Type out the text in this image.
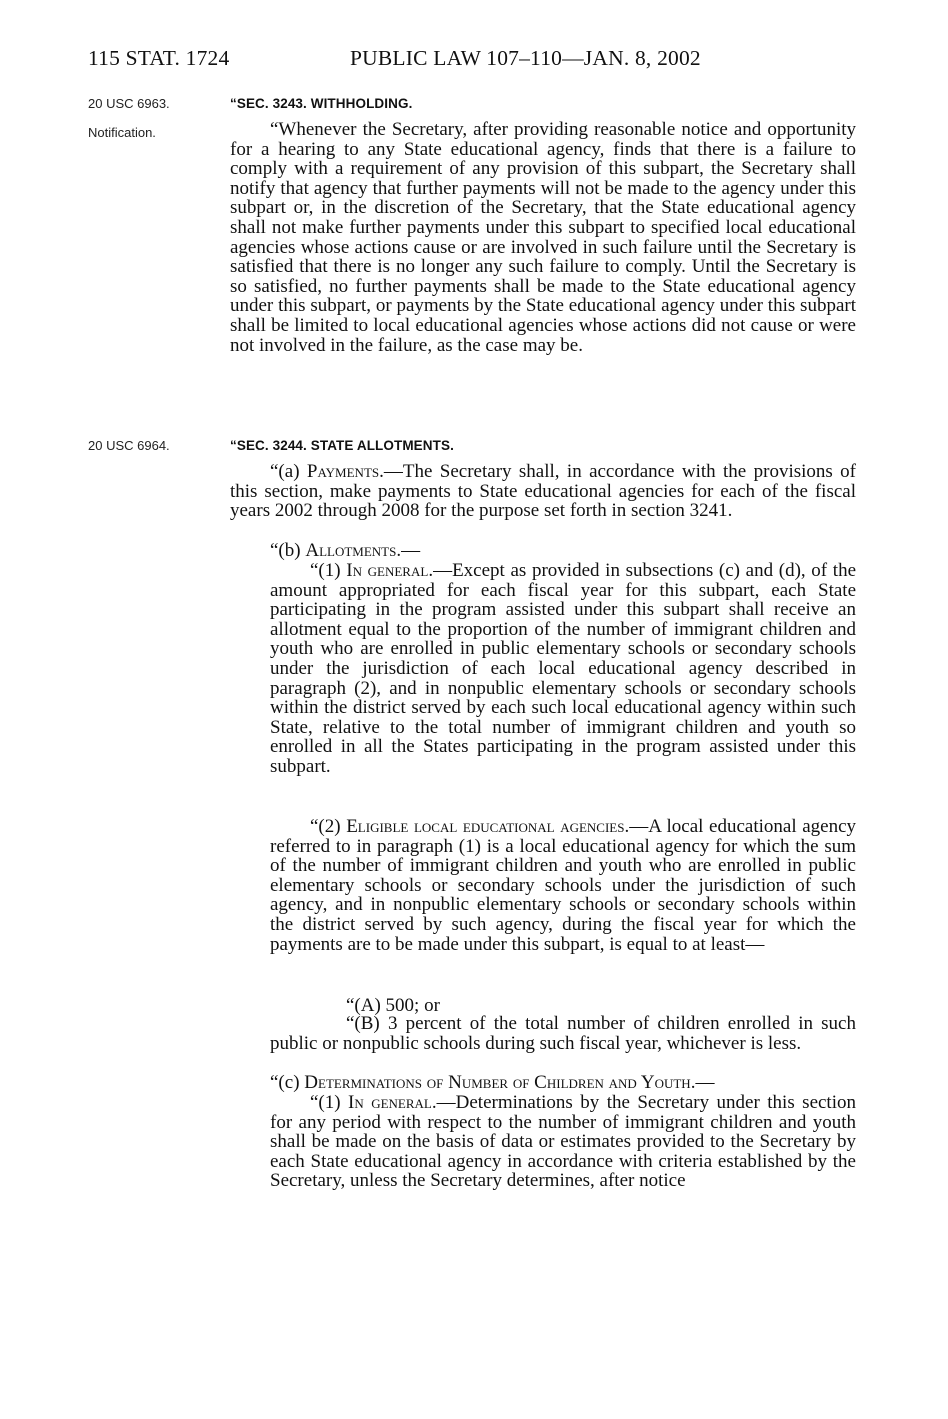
115 STAT. 1724	PUBLIC LAW 107–110—JAN. 8, 2002
20 USC 6963.	“SEC. 3243. WITHHOLDING.
Notification.	“Whenever the Secretary, after providing reasonable notice and opportunity for a hearing to any State educational agency, finds that there is a failure to comply with a requirement of any provision of this subpart, the Secretary shall notify that agency that further payments will not be made to the agency under this subpart or, in the discretion of the Secretary, that the State educational agency shall not make further payments under this subpart to specified local educational agencies whose actions cause or are involved in such failure until the Secretary is satisfied that there is no longer any such failure to comply. Until the Secretary is so satisfied, no further payments shall be made to the State educational agency under this subpart, or payments by the State educational agency under this subpart shall be limited to local educational agencies whose actions did not cause or were not involved in the failure, as the case may be.

20 USC 6964.	“SEC. 3244. STATE ALLOTMENTS.

“(a) Payments.—The Secretary shall, in accordance with the provisions of this section, make payments to State educational agencies for each of the fiscal years 2002 through 2008 for the purpose set forth in section 3241.

“(b) Allotments.—

“(1) In general.—Except as provided in subsections (c) and (d), of the amount appropriated for each fiscal year for this subpart, each State participating in the program assisted under this subpart shall receive an allotment equal to the proportion of the number of immigrant children and youth who are enrolled in public elementary schools or secondary schools under the jurisdiction of each local educational agency described in paragraph (2), and in nonpublic elementary schools or secondary schools within the district served by each such local educational agency within such State, relative to the total number of immigrant children and youth so enrolled in all the States participating in the program assisted under this subpart.

“(2) Eligible local educational agencies.—A local educational agency referred to in paragraph (1) is a local educational agency for which the sum of the number of immigrant children and youth who are enrolled in public elementary schools or secondary schools under the jurisdiction of such agency, and in nonpublic elementary schools or secondary schools within the district served by such agency, during the fiscal year for which the payments are to be made under this subpart, is equal to at least—

“(A) 500; or

“(B) 3 percent of the total number of children enrolled in such public or nonpublic schools during such fiscal year, whichever is less.

“(c) Determinations of Number of Children and Youth.—

“(1) In general.—Determinations by the Secretary under this section for any period with respect to the number of immigrant children and youth shall be made on the basis of data or estimates provided to the Secretary by each State educational agency in accordance with criteria established by the Secretary, unless the Secretary determines, after notice
